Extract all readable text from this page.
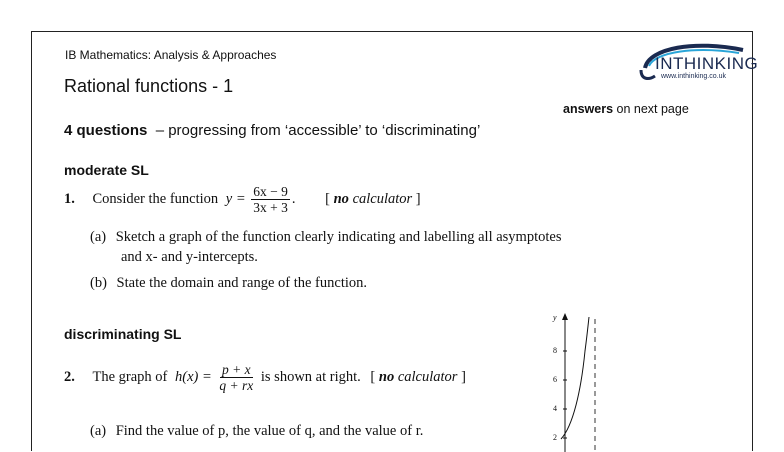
IB Mathematics: Analysis & Approaches	INTHINKING
www.inthinking.co.uk
Rational functions - 1
answers on next page
4 questions – progressing from ‘accessible’ to ‘discriminating’
moderate SL
1. Consider the function $y = \frac{6x - 9}{3x + 3}$ . [ no calculator ]
(a) Sketch a graph of the function clearly indicating and labelling all asymptotes
and x- and y-intercepts.
(b) State the domain and range of the function.
discriminating SL
2. The graph of $h(x) = \frac{p + x}{q + rx}$ is shown at right. [ no calculator ]
(a) Find the value of p, the value of q, and the value of r.
y
8
6
4
2
